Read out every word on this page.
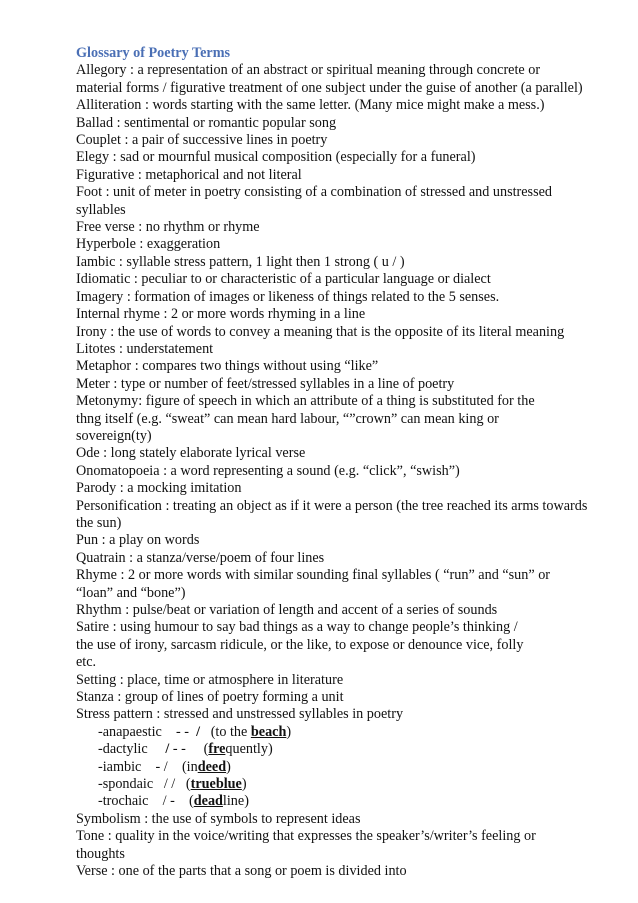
Glossary of Poetry Terms
Allegory : a representation of an abstract or spiritual meaning through concrete or
material forms / figurative treatment of one subject under the guise of another (a parallel)
Alliteration : words starting with the same letter. (Many mice might make a mess.)
Ballad : sentimental or romantic popular song
Couplet : a pair of successive lines in poetry
Elegy : sad or mournful musical composition (especially for a funeral)
Figurative : metaphorical and not literal
Foot : unit of meter in poetry consisting of a combination of stressed and unstressed
syllables
Free verse : no rhythm or rhyme
Hyperbole : exaggeration
Iambic : syllable stress pattern, 1 light then 1 strong ( u / )
Idiomatic : peculiar to or characteristic of a particular language or dialect
Imagery : formation of images or likeness of things related to the 5 senses.
Internal rhyme : 2 or more words rhyming in a line
Irony : the use of words to convey a meaning that is the opposite of its literal meaning
Litotes : understatement
Metaphor : compares two things without using “like”
Meter : type or number of feet/stressed syllables in a line of poetry
Metonymy: figure of speech in which an attribute of a thing is substituted for the
thng itself (e.g. “sweat” can mean hard labour, “”crown” can mean king or
sovereign(ty)
Ode : long stately elaborate lyrical verse
Onomatopoeia : a word representing a sound (e.g. “click”, “swish”)
Parody : a mocking imitation
Personification : treating an object as if it were a person (the tree reached its arms towards
the sun)
Pun : a play on words
Quatrain : a stanza/verse/poem of four lines
Rhyme : 2 or more words with similar sounding final syllables ( “run” and “sun” or
“loan” and “bone”)
Rhythm : pulse/beat or variation of length and accent of a series of sounds
Satire : using humour to say bad things as a way to change people’s thinking /
the use of irony, sarcasm ridicule, or the like, to expose or denounce vice, folly
etc.
Setting : place, time or atmosphere in literature
Stanza : group of lines of poetry forming a unit
Stress pattern : stressed and unstressed syllables in poetry
-anapaestic - - / (to the beach)
-dactylic / - - (frequently)
-iambic - / (indeed)
-spondaic / / (trueblue)
-trochaic / - (deadline)
Symbolism : the use of symbols to represent ideas
Tone : quality in the voice/writing that expresses the speaker’s/writer’s feeling or
thoughts
Verse : one of the parts that a song or poem is divided into
